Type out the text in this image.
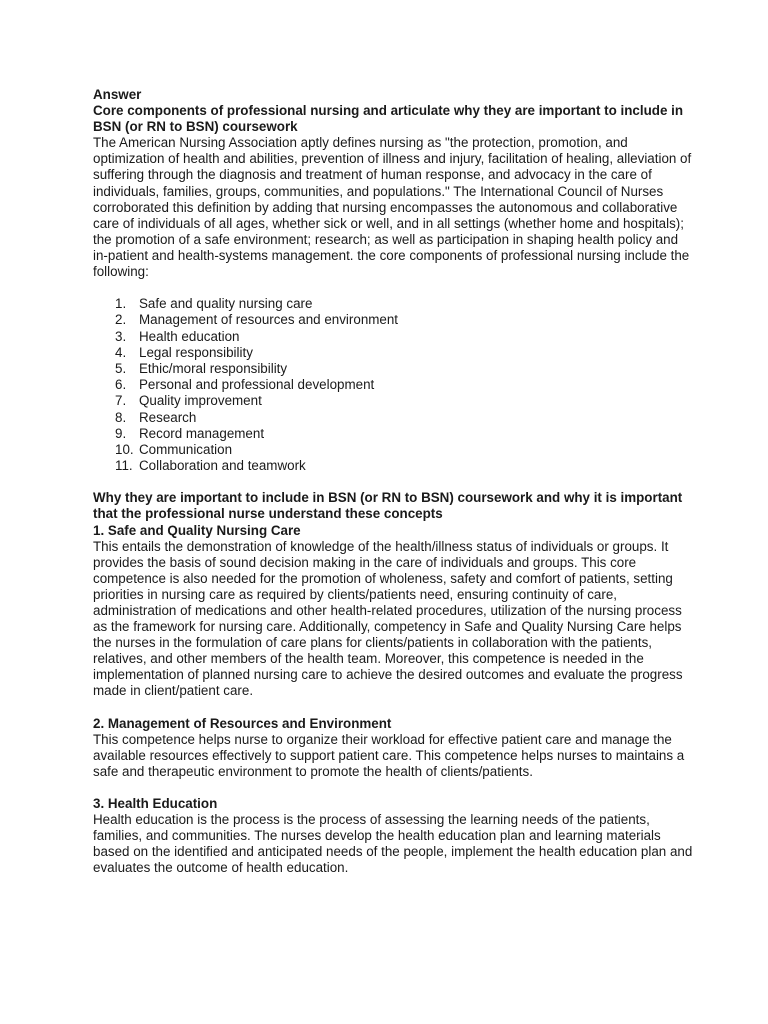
Answer

Core components of professional nursing and articulate why they are important to include in BSN (or RN to BSN) coursework

The American Nursing Association aptly defines nursing as "the protection, promotion, and optimization of health and abilities, prevention of illness and injury, facilitation of healing, alleviation of suffering through the diagnosis and treatment of human response, and advocacy in the care of individuals, families, groups, communities, and populations." The International Council of Nurses corroborated this definition by adding that nursing encompasses the autonomous and collaborative care of individuals of all ages, whether sick or well, and in all settings (whether home and hospitals); the promotion of a safe environment; research; as well as participation in shaping health policy and in-patient and health-systems management. the core components of professional nursing include the following:

1. Safe and quality nursing care
2. Management of resources and environment
3. Health education
4. Legal responsibility
5. Ethic/moral responsibility
6. Personal and professional development
7. Quality improvement
8. Research
9. Record management
10. Communication
11. Collaboration and teamwork

Why they are important to include in BSN (or RN to BSN) coursework and why it is important that the professional nurse understand these concepts

1. Safe and Quality Nursing Care

This entails the demonstration of knowledge of the health/illness status of individuals or groups. It provides the basis of sound decision making in the care of individuals and groups. This core competence is also needed for the promotion of wholeness, safety and comfort of patients, setting priorities in nursing care as required by clients/patients need, ensuring continuity of care, administration of medications and other health-related procedures, utilization of the nursing process as the framework for nursing care. Additionally, competency in Safe and Quality Nursing Care helps the nurses in the formulation of care plans for clients/patients in collaboration with the patients, relatives, and other members of the health team. Moreover, this competence is needed in the implementation of planned nursing care to achieve the desired outcomes and evaluate the progress made in client/patient care.

2. Management of Resources and Environment

This competence helps nurse to organize their workload for effective patient care and manage the available resources effectively to support patient care. This competence helps nurses to maintains a safe and therapeutic environment to promote the health of clients/patients.

3. Health Education

Health education is the process is the process of assessing the learning needs of the patients, families, and communities. The nurses develop the health education plan and learning materials based on the identified and anticipated needs of the people, implement the health education plan and evaluates the outcome of health education.
